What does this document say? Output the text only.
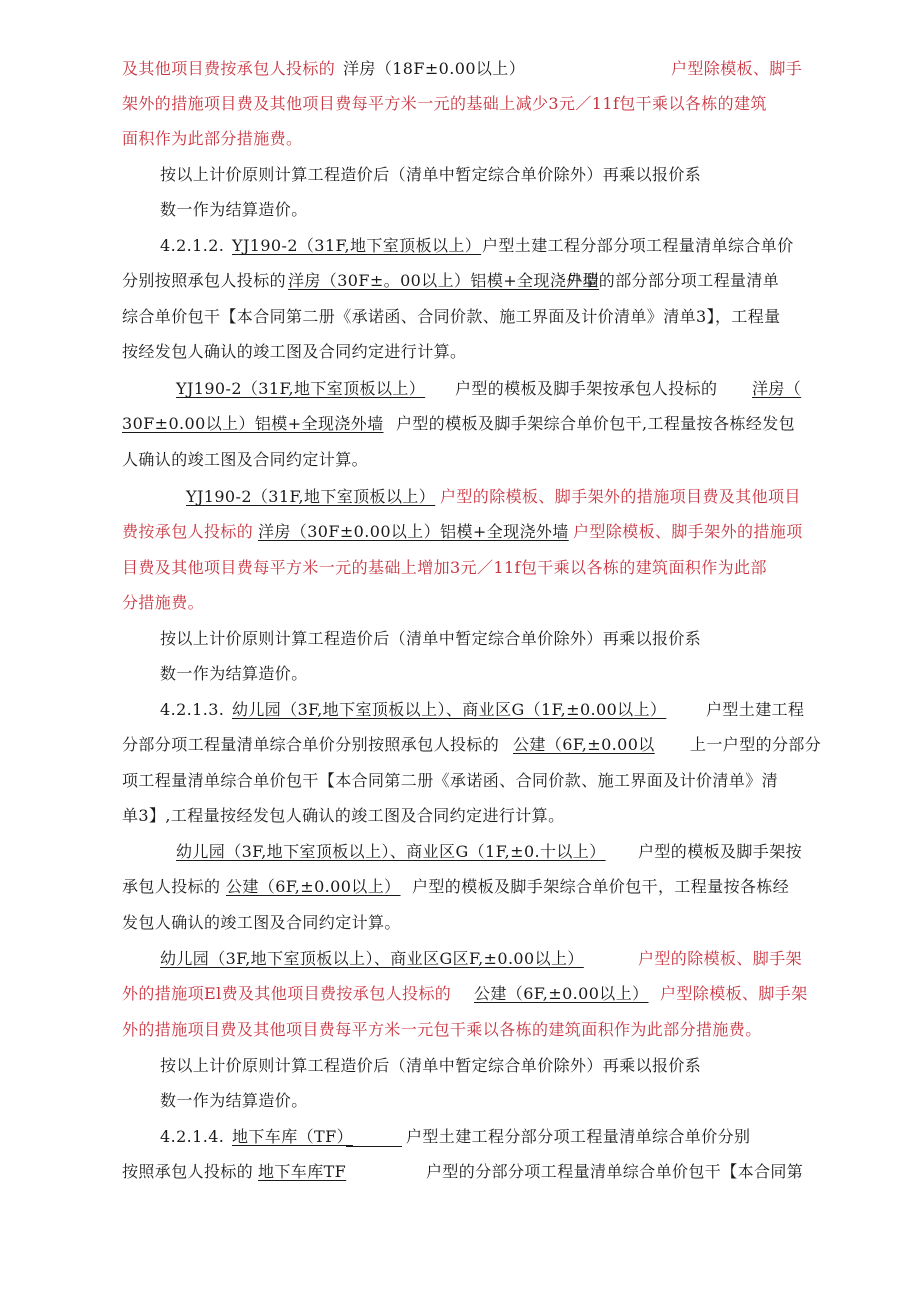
及其他项目费按承包人投标的 洋房（18F±0.00以上）	户型除模板、脚手
架外的措施项目费及其他项目费每平方米一元的基础上减少3元／11f包干乘以各栋的建筑
面积作为此部分措施费。
按以上计价原则计算工程造价后（清单中暂定综合单价除外）再乘以报价系
数一作为结算造价。
4.2.1.2. YJ190-2（31F,地下室顶板以上） 户型土建工程分部分项工程量清单综合单价
分别按照承包人投标的 洋房（30F±。00以上）铝模+全现浇外墙
户型的部分部分项工程量清单
综合单价包干【本合同第二册《承诺函、合同价款、施工界面及计价清单》清单3】，工程量
按经发包人确认的竣工图及合同约定进行计算。
YJ190-2（31F,地下室顶板以上） 户型的模板及脚手架按承包人投标的 洋房（
30F±0.00以上）铝模+全现浇外墙 户型的模板及脚手架综合单价包干,工程量按各栋经发包
人确认的竣工图及合同约定计算。
YJ190-2（31F,地下室顶板以上） 户型的除模板、脚手架外的措施项目费及其他项目
费按承包人投标的 洋房（30F±0.00以上）铝模+全现浇外墙 户型除模板、脚手架外的措施项
目费及其他项目费每平方米一元的基础上增加3元／11f包干乘以各栋的建筑面积作为此部
分措施费。
按以上计价原则计算工程造价后（清单中暂定综合单价除外）再乘以报价系
数一作为结算造价。
4.2.1.3. 幼儿园（3F,地下室顶板以上）、商业区G（1F,±0.00以上） 户型土建工程
分部分项工程量清单综合单价分别按照承包人投标的 公建（6F,±0.00以 上一户型的分部分
项工程量清单综合单价包干【本合同第二册《承诺函、合同价款、施工界面及计价清单》清
单3】,工程量按经发包人确认的竣工图及合同约定进行计算。
幼儿园（3F,地下室顶板以上）、商业区G（1F,±0.十以上） 户型的模板及脚手架按
承包人投标的 公建（6F,±0.00以上） 户型的模板及脚手架综合单价包干，工程量按各栋经
发包人确认的竣工图及合同约定计算。
幼儿园（3F,地下室顶板以上）、商业区G区F,±0.00以上）	户型的除模板、脚手架
外的措施项El费及其他项目费按承包人投标的 公建（6F,±0.00以上） 户型除模板、脚手架
外的措施项目费及其他项目费每平方米一元包干乘以各栋的建筑面积作为此部分措施费。
按以上计价原则计算工程造价后（清单中暂定综合单价除外）再乘以报价系
数一作为结算造价。
4.2.1.4. 地下车库（TF）	户型土建工程分部分项工程量清单综合单价分别
按照承包人投标的 地下车库TF	户型的分部分项工程量清单综合单价包干【本合同第
